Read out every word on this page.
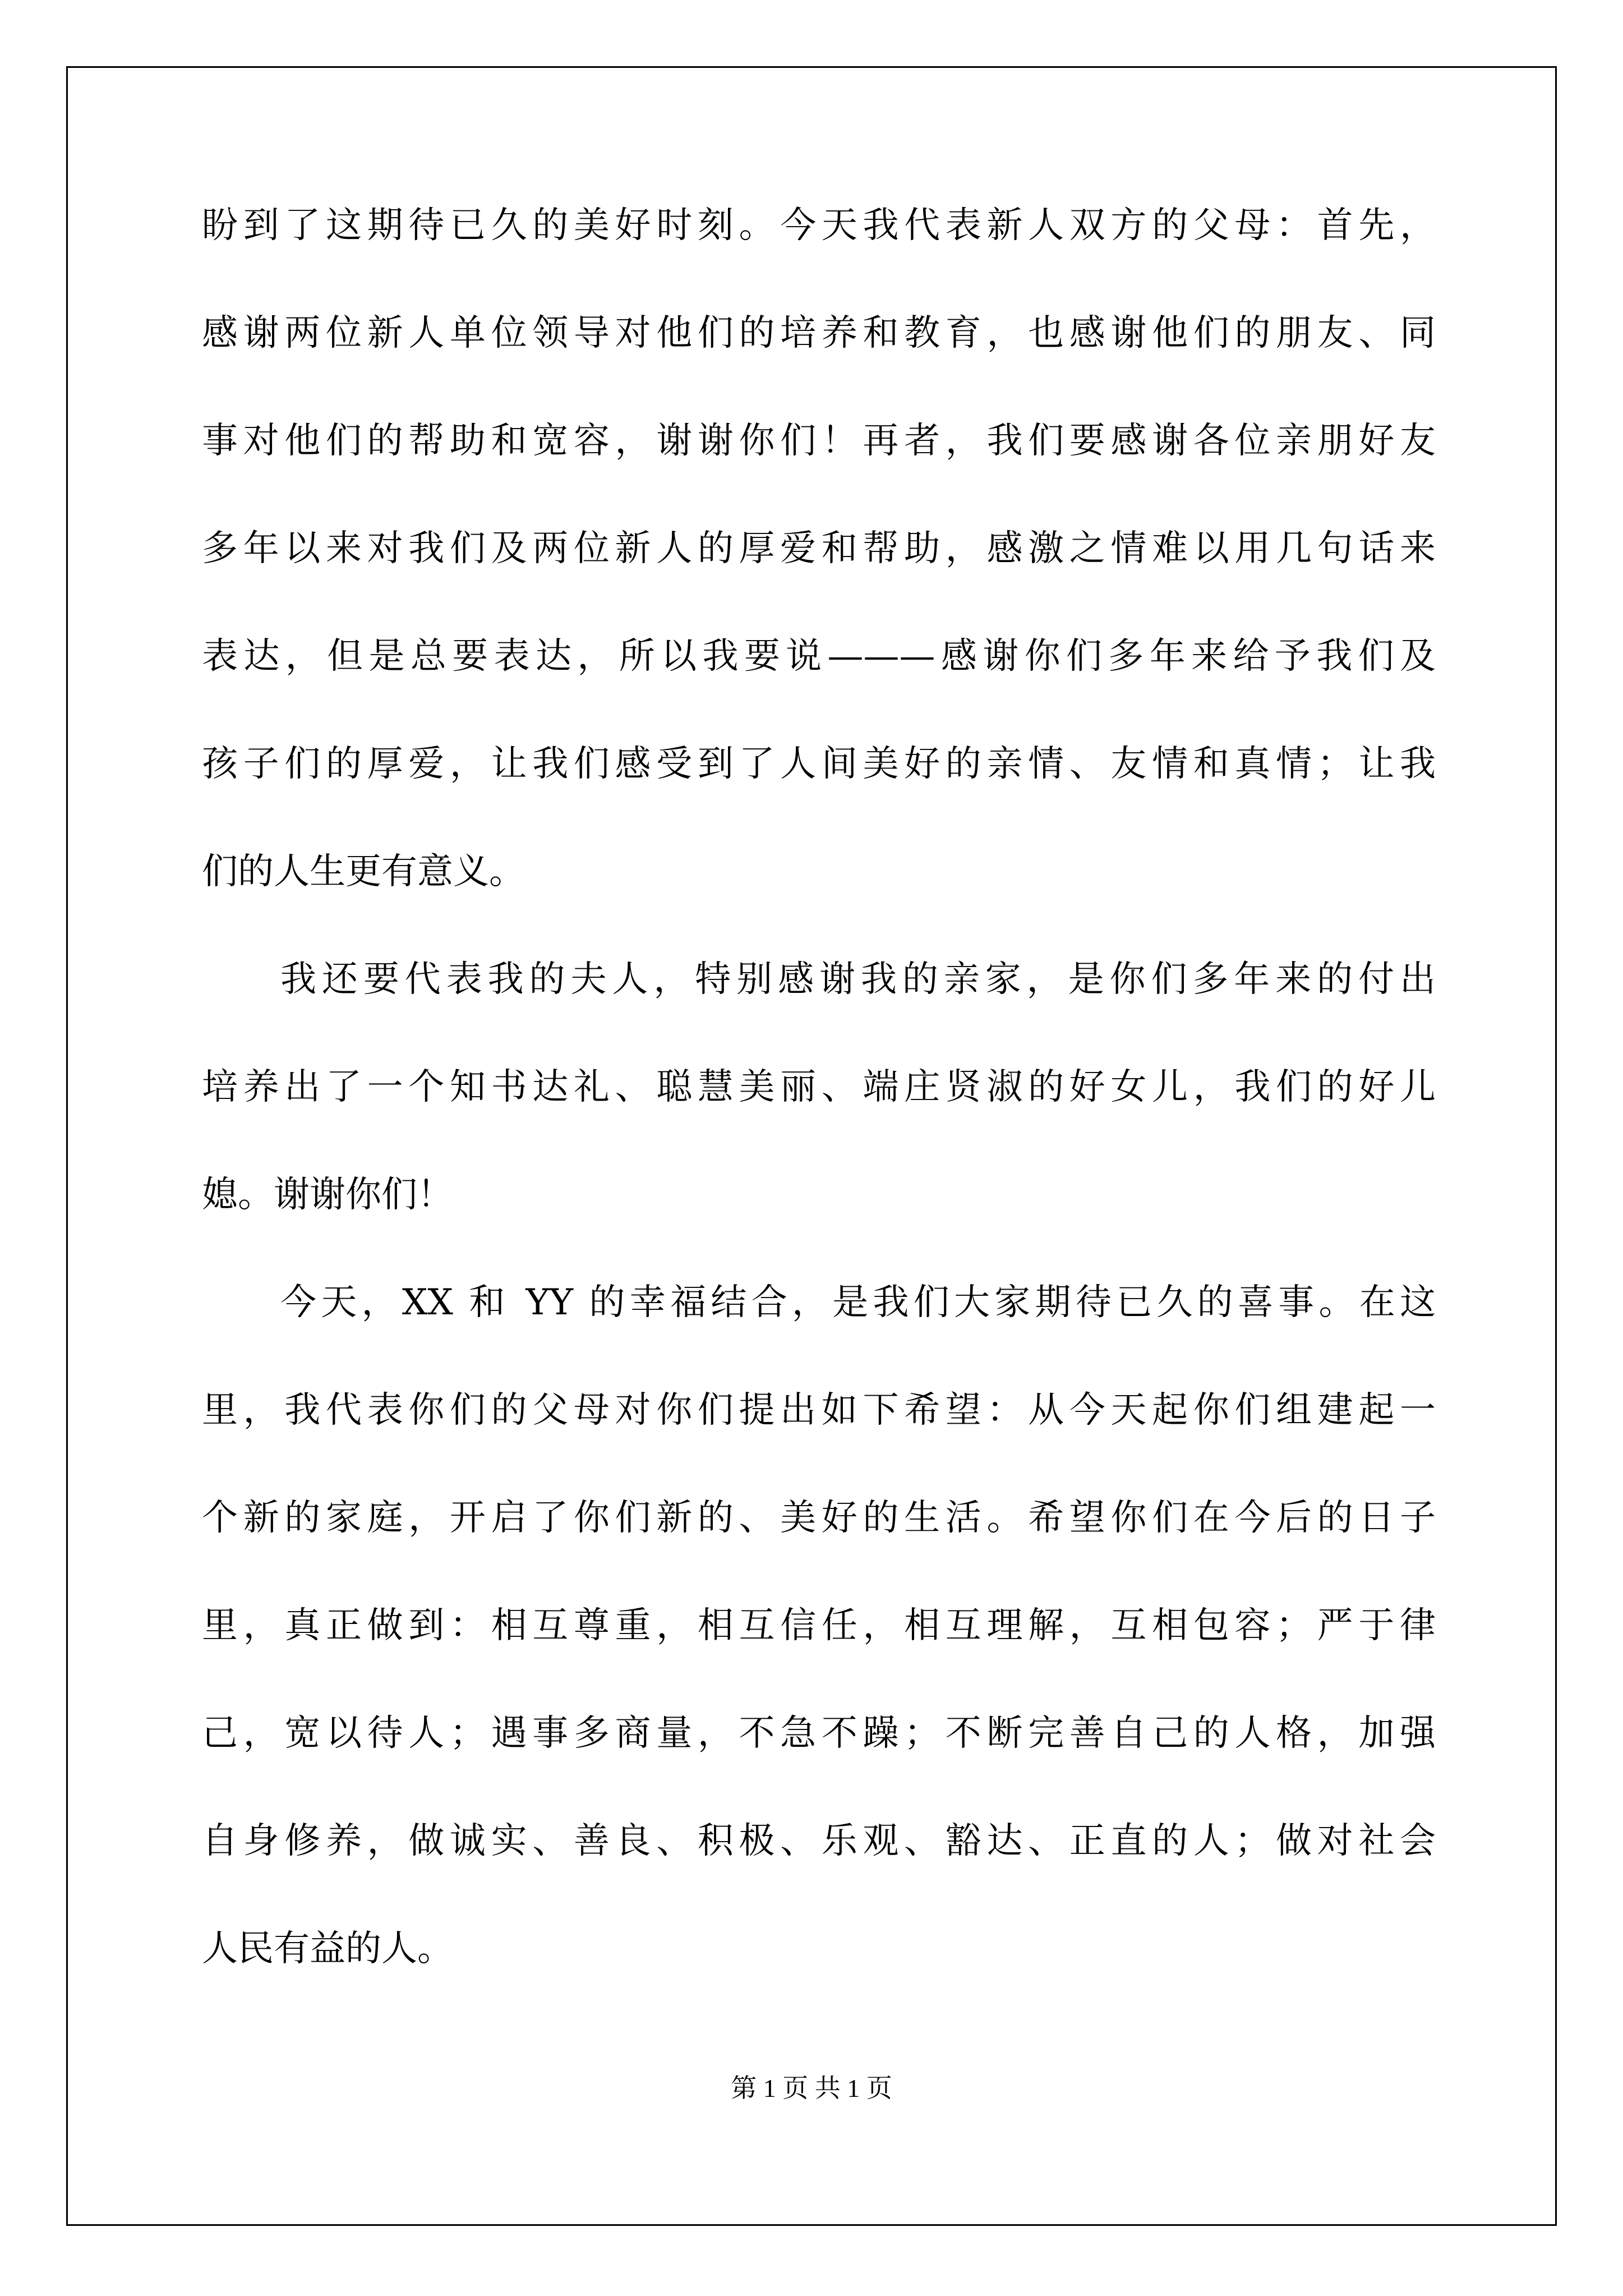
盼到了这期待已久的美好时刻。今天我代表新人双方的父母：首先，
感谢两位新人单位领导对他们的培养和教育，也感谢他们的朋友、同
事对他们的帮助和宽容，谢谢你们！再者，我们要感谢各位亲朋好友
多年以来对我们及两位新人的厚爱和帮助，感激之情难以用几句话来
表达，但是总要表达，所以我要说———感谢你们多年来给予我们及
孩子们的厚爱，让我们感受到了人间美好的亲情、友情和真情；让我
们的人生更有意义。
我还要代表我的夫人，特别感谢我的亲家，是你们多年来的付出
培养出了一个知书达礼、聪慧美丽、端庄贤淑的好女儿，我们的好儿
媳。谢谢你们！
今天，XX 和 YY 的幸福结合，是我们大家期待已久的喜事。在这
里，我代表你们的父母对你们提出如下希望：从今天起你们组建起一
个新的家庭，开启了你们新的、美好的生活。希望你们在今后的日子
里，真正做到：相互尊重，相互信任，相互理解，互相包容；严于律
己，宽以待人；遇事多商量，不急不躁；不断完善自己的人格，加强
自身修养，做诚实、善良、积极、乐观、豁达、正直的人；做对社会
人民有益的人。
第 1 页 共 1 页
